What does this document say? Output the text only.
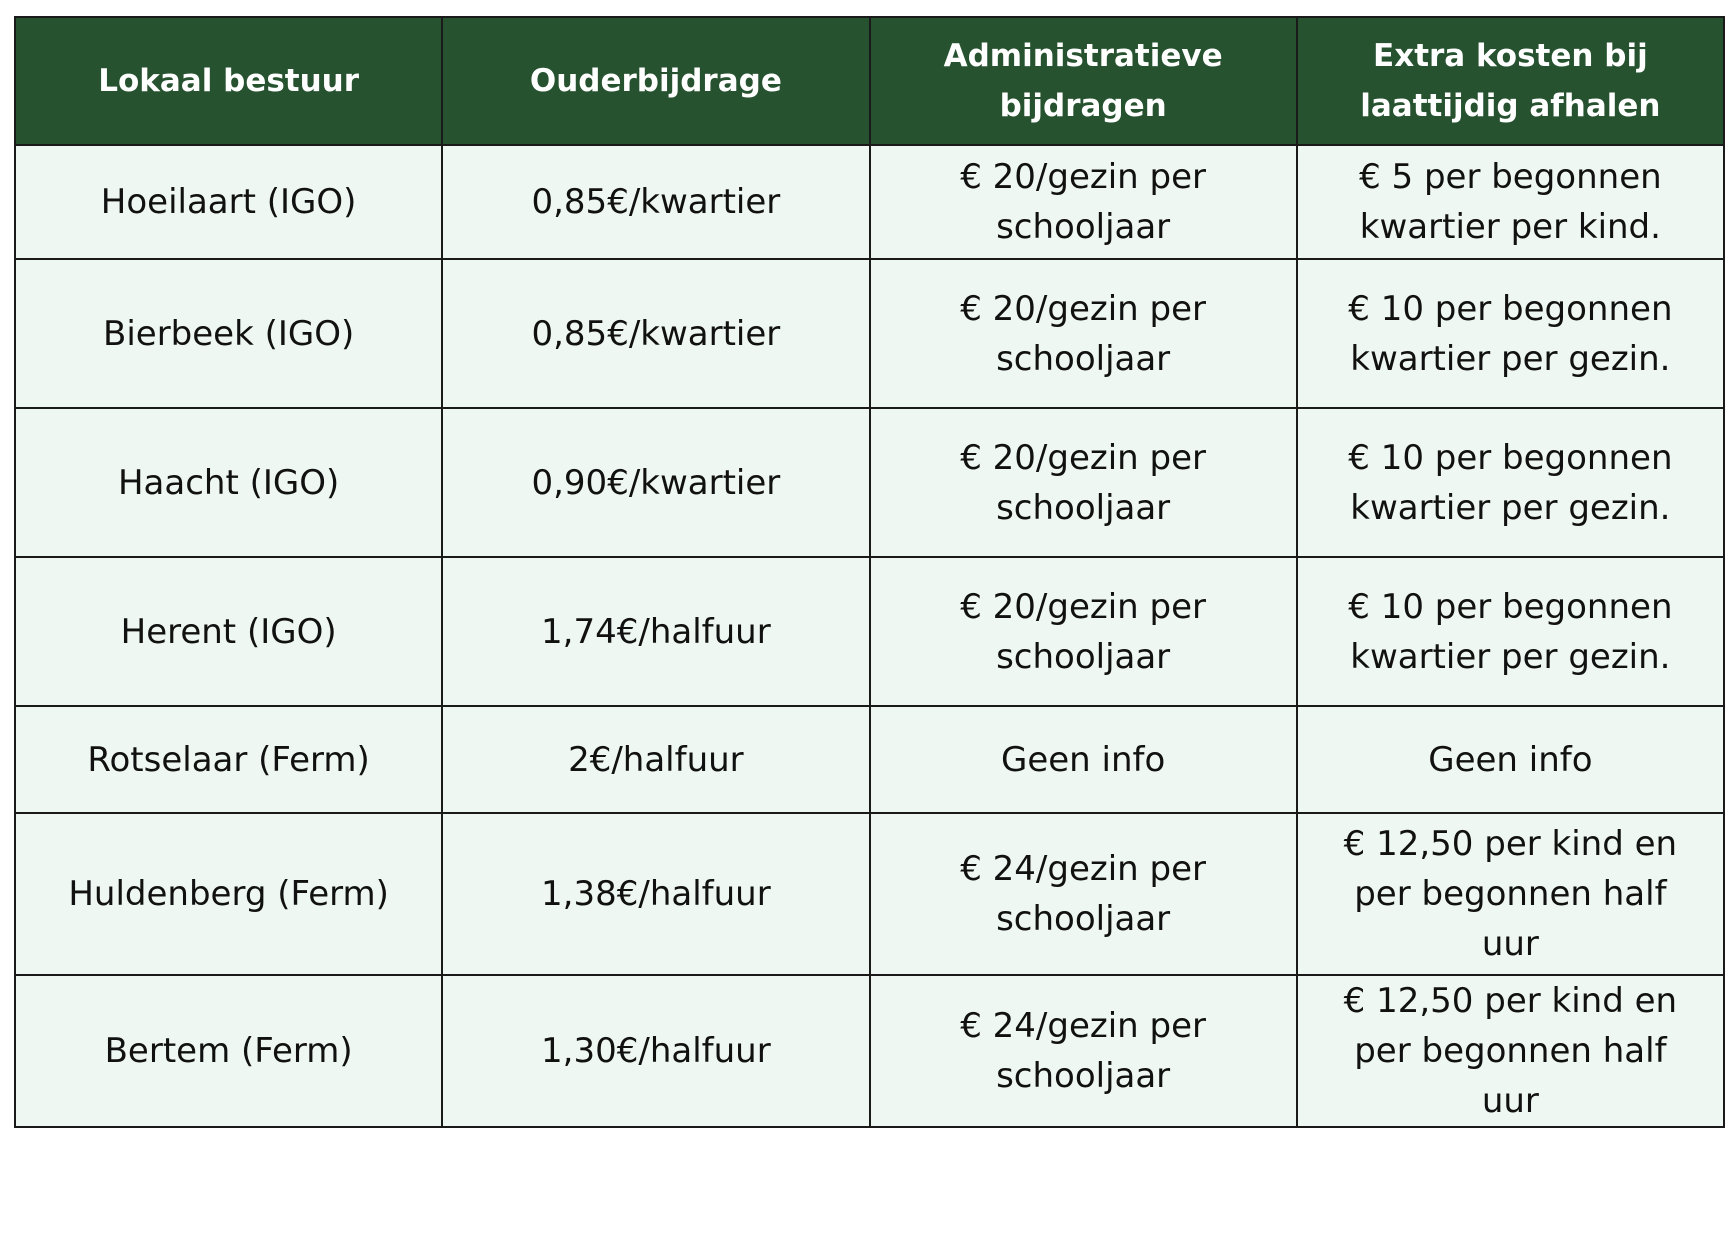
Lokaal bestuur	Ouderbijdrage	Administratieve bijdragen	Extra kosten bij laattijdig afhalen
Hoeilaart (IGO)	0,85€/kwartier	€ 20/gezin per schooljaar	€ 5 per begonnen kwartier per kind.
Bierbeek (IGO)	0,85€/kwartier	€ 20/gezin per schooljaar	€ 10 per begonnen kwartier per gezin.
Haacht (IGO)	0,90€/kwartier	€ 20/gezin per schooljaar	€ 10 per begonnen kwartier per gezin.
Herent (IGO)	1,74€/halfuur	€ 20/gezin per schooljaar	€ 10 per begonnen kwartier per gezin.
Rotselaar (Ferm)	2€/halfuur	Geen info	Geen info
Huldenberg (Ferm)	1,38€/halfuur	€ 24/gezin per schooljaar	€ 12,50 per kind en per begonnen half uur
Bertem (Ferm)	1,30€/halfuur	€ 24/gezin per schooljaar	€ 12,50 per kind en per begonnen half uur
